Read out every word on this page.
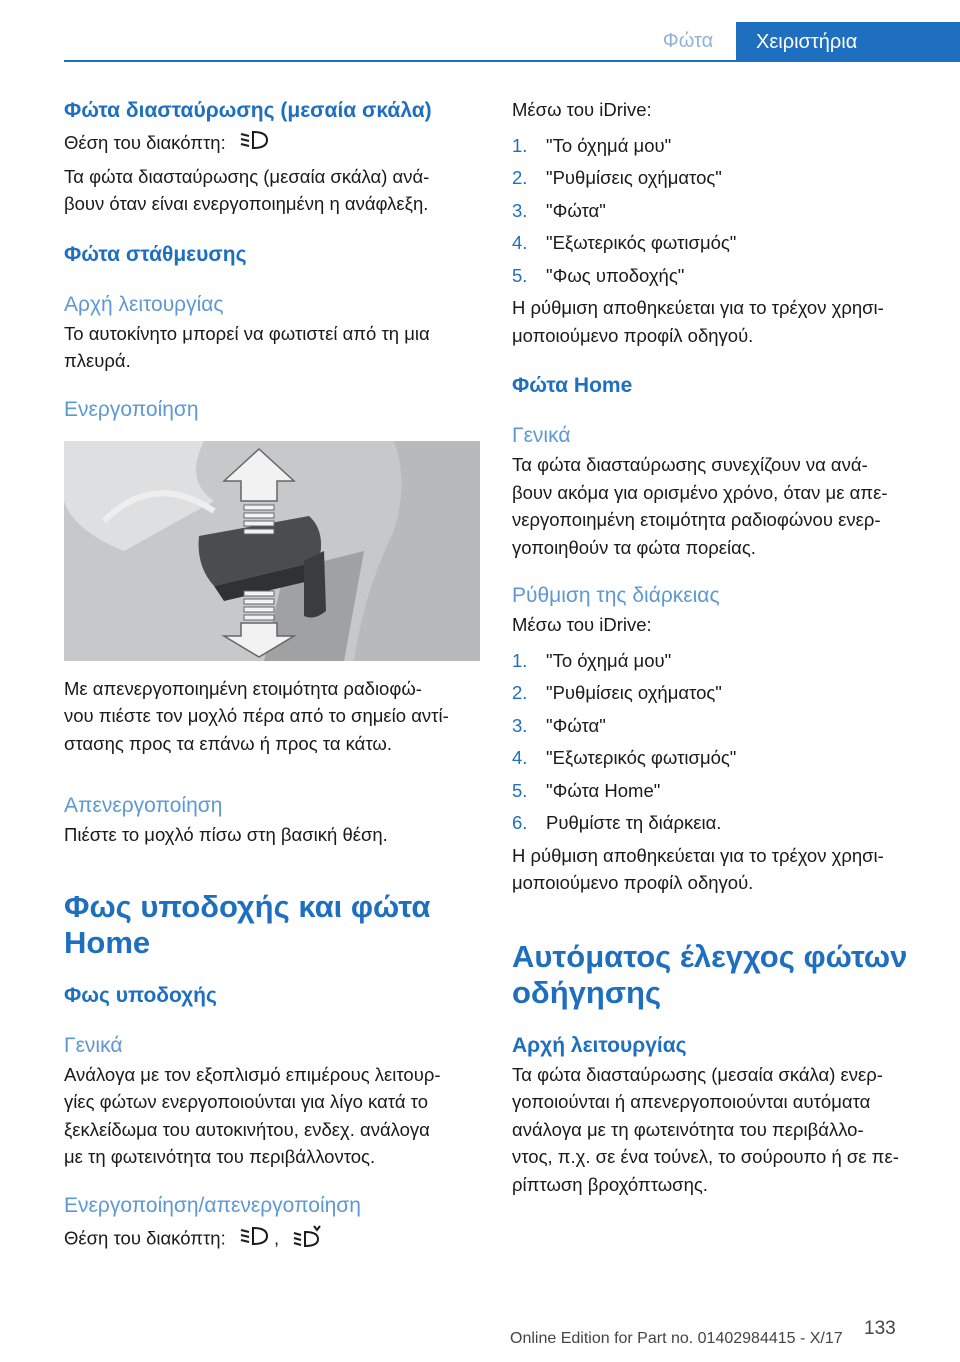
Φώτα	Χειριστήρια

Φώτα διασταύρωσης (μεσαία σκάλα)

Θέση του διακόπτη:

Τα φώτα διασταύρωσης (μεσαία σκάλα) ανά-

βουν όταν είναι ενεργοποιημένη η ανάφλεξη.

Φώτα στάθμευσης

Αρχή λειτουργίας

Το αυτοκίνητο μπορεί να φωτιστεί από τη μια

πλευρά.

Ενεργοποίηση

Με απενεργοποιημένη ετοιμότητα ραδιοφώ-

νου πιέστε τον μοχλό πέρα από το σημείο αντί-

στασης προς τα επάνω ή προς τα κάτω.

Απενεργοποίηση

Πιέστε το μοχλό πίσω στη βασική θέση.

Φως υποδοχής και φώτα

Home

Φως υποδοχής

Γενικά

Ανάλογα με τον εξοπλισμό επιμέρους λειτουρ-

γίες φώτων ενεργοποιούνται για λίγο κατά το

ξεκλείδωμα του αυτοκινήτου, ενδεχ. ανάλογα

με τη φωτεινότητα του περιβάλλοντος.

Ενεργοποίηση/απενεργοποίηση

Θέση του διακόπτη:	,

Μέσω του iDrive:

1.	"Το όχημά μου"
2.	"Ρυθμίσεις οχήματος"
3.	"Φώτα"
4.	"Εξωτερικός φωτισμός"
5.	"Φως υποδοχής"

Η ρύθμιση αποθηκεύεται για το τρέχον χρησι-

μοποιούμενο προφίλ οδηγού.

Φώτα Home

Γενικά

Τα φώτα διασταύρωσης συνεχίζουν να ανά-

βουν ακόμα για ορισμένο χρόνο, όταν με απε-

νεργοποιημένη ετοιμότητα ραδιοφώνου ενερ-

γοποιηθούν τα φώτα πορείας.

Ρύθμιση της διάρκειας

Μέσω του iDrive:

1.	"Το όχημά μου"
2.	"Ρυθμίσεις οχήματος"
3.	"Φώτα"
4.	"Εξωτερικός φωτισμός"
5.	"Φώτα Home"
6.	Ρυθμίστε τη διάρκεια.

Η ρύθμιση αποθηκεύεται για το τρέχον χρησι-

μοποιούμενο προφίλ οδηγού.

Αυτόματος έλεγχος φώτων

οδήγησης

Αρχή λειτουργίας

Τα φώτα διασταύρωσης (μεσαία σκάλα) ενερ-

γοποιούνται ή απενεργοποιούνται αυτόματα

ανάλογα με τη φωτεινότητα του περιβάλλο-

ντος, π.χ. σε ένα τούνελ, το σούρουπο ή σε πε-

ρίπτωση βροχόπτωσης.

133
Online Edition for Part no. 01402984415 - X/17
